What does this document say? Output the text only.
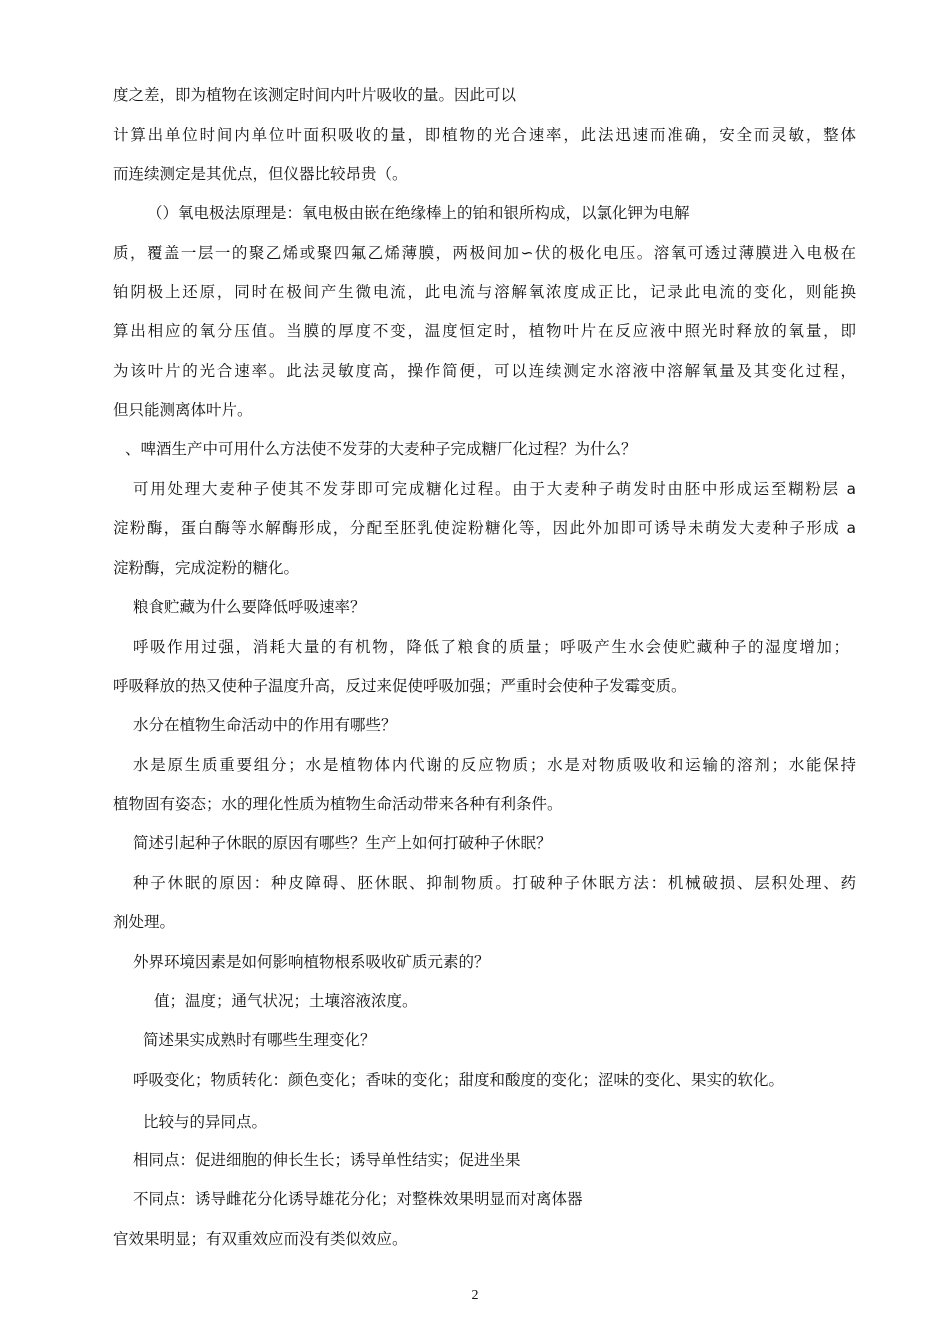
度之差，即为植物在该测定时间内叶片吸收的量。因此可以
计算出单位时间内单位叶面积吸收的量，即植物的光合速率，此法迅速而准确，安全而灵敏，整体
而连续测定是其优点，但仪器比较昂贵（。
（）氧电极法原理是：氧电极由嵌在绝缘棒上的铂和银所构成，以氯化钾为电解
质，覆盖一层一的聚乙烯或聚四氟乙烯薄膜，两极间加∽伏的极化电压。溶氧可透过薄膜进入电极在
铂阴极上还原，同时在极间产生微电流，此电流与溶解氧浓度成正比，记录此电流的变化，则能换
算出相应的氧分压值。当膜的厚度不变，温度恒定时，植物叶片在反应液中照光时释放的氧量，即
为该叶片的光合速率。此法灵敏度高，操作简便，可以连续测定水溶液中溶解氧量及其变化过程，
但只能测离体叶片。
、啤酒生产中可用什么方法使不发芽的大麦种子完成糖厂化过程？为什么？
可用处理大麦种子使其不发芽即可完成糖化过程。由于大麦种子萌发时由胚中形成运至糊粉层 a
淀粉酶，蛋白酶等水解酶形成，分配至胚乳使淀粉糖化等，因此外加即可诱导未萌发大麦种子形成 a
淀粉酶，完成淀粉的糖化。
粮食贮藏为什么要降低呼吸速率？
呼吸作用过强，消耗大量的有机物，降低了粮食的质量；呼吸产生水会使贮藏种子的湿度增加；
呼吸释放的热又使种子温度升高，反过来促使呼吸加强；严重时会使种子发霉变质。
水分在植物生命活动中的作用有哪些？
水是原生质重要组分；水是植物体内代谢的反应物质；水是对物质吸收和运输的溶剂；水能保持
植物固有姿态；水的理化性质为植物生命活动带来各种有利条件。
简述引起种子休眠的原因有哪些？生产上如何打破种子休眠？
种子休眠的原因：种皮障碍、胚休眠、抑制物质。打破种子休眠方法：机械破损、层积处理、药
剂处理。
外界环境因素是如何影响植物根系吸收矿质元素的？
值；温度；通气状况；土壤溶液浓度。
简述果实成熟时有哪些生理变化？
呼吸变化；物质转化：颜色变化；香味的变化；甜度和酸度的变化；涩味的变化、果实的软化。
比较与的异同点。
相同点：促进细胞的伸长生长；诱导单性结实；促进坐果
不同点：诱导雌花分化诱导雄花分化；对整株效果明显而对离体器
官效果明显；有双重效应而没有类似效应。
2
